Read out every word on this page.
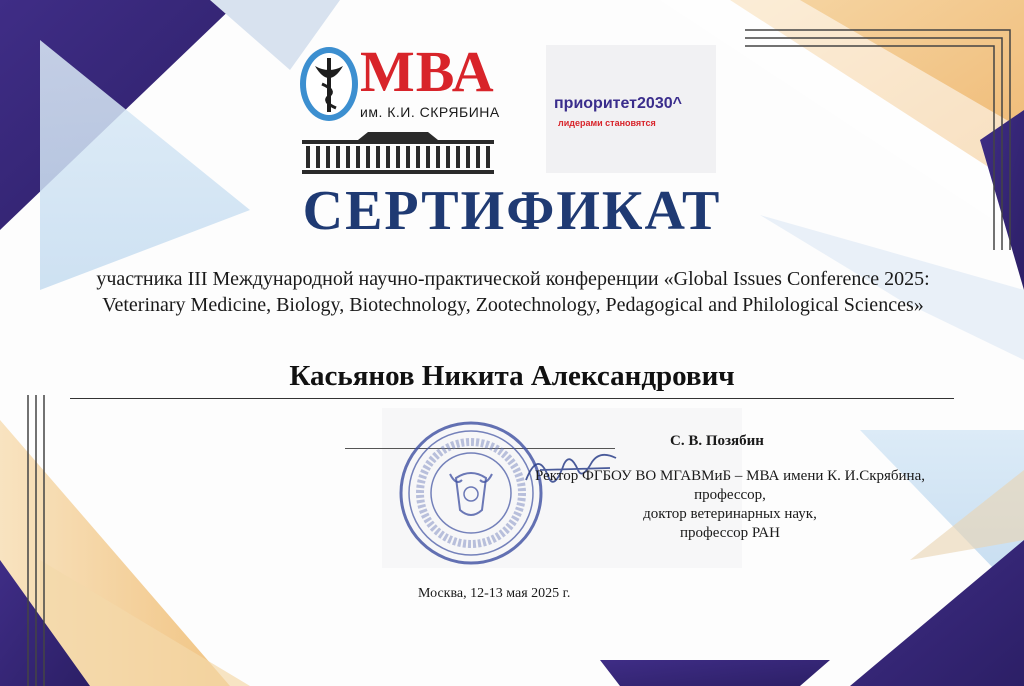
МВА
им. К.И. СКРЯБИНА	приоритет2030^
лидерами становятся
СЕРТИФИКАТ
участника III Международной научно-практической конференции «Global Issues Conference 2025: Veterinary Medicine, Biology, Biotechnology, Zootechnology, Pedagogical and Philological Sciences»
Касьянов Никита Александрович
С. В. Позябин
Ректор ФГБОУ ВО МГАВМиБ – МВА имени К. И.Скрябина,
профессор,
доктор ветеринарных наук,
профессор РАН
Москва, 12-13 мая 2025 г.
